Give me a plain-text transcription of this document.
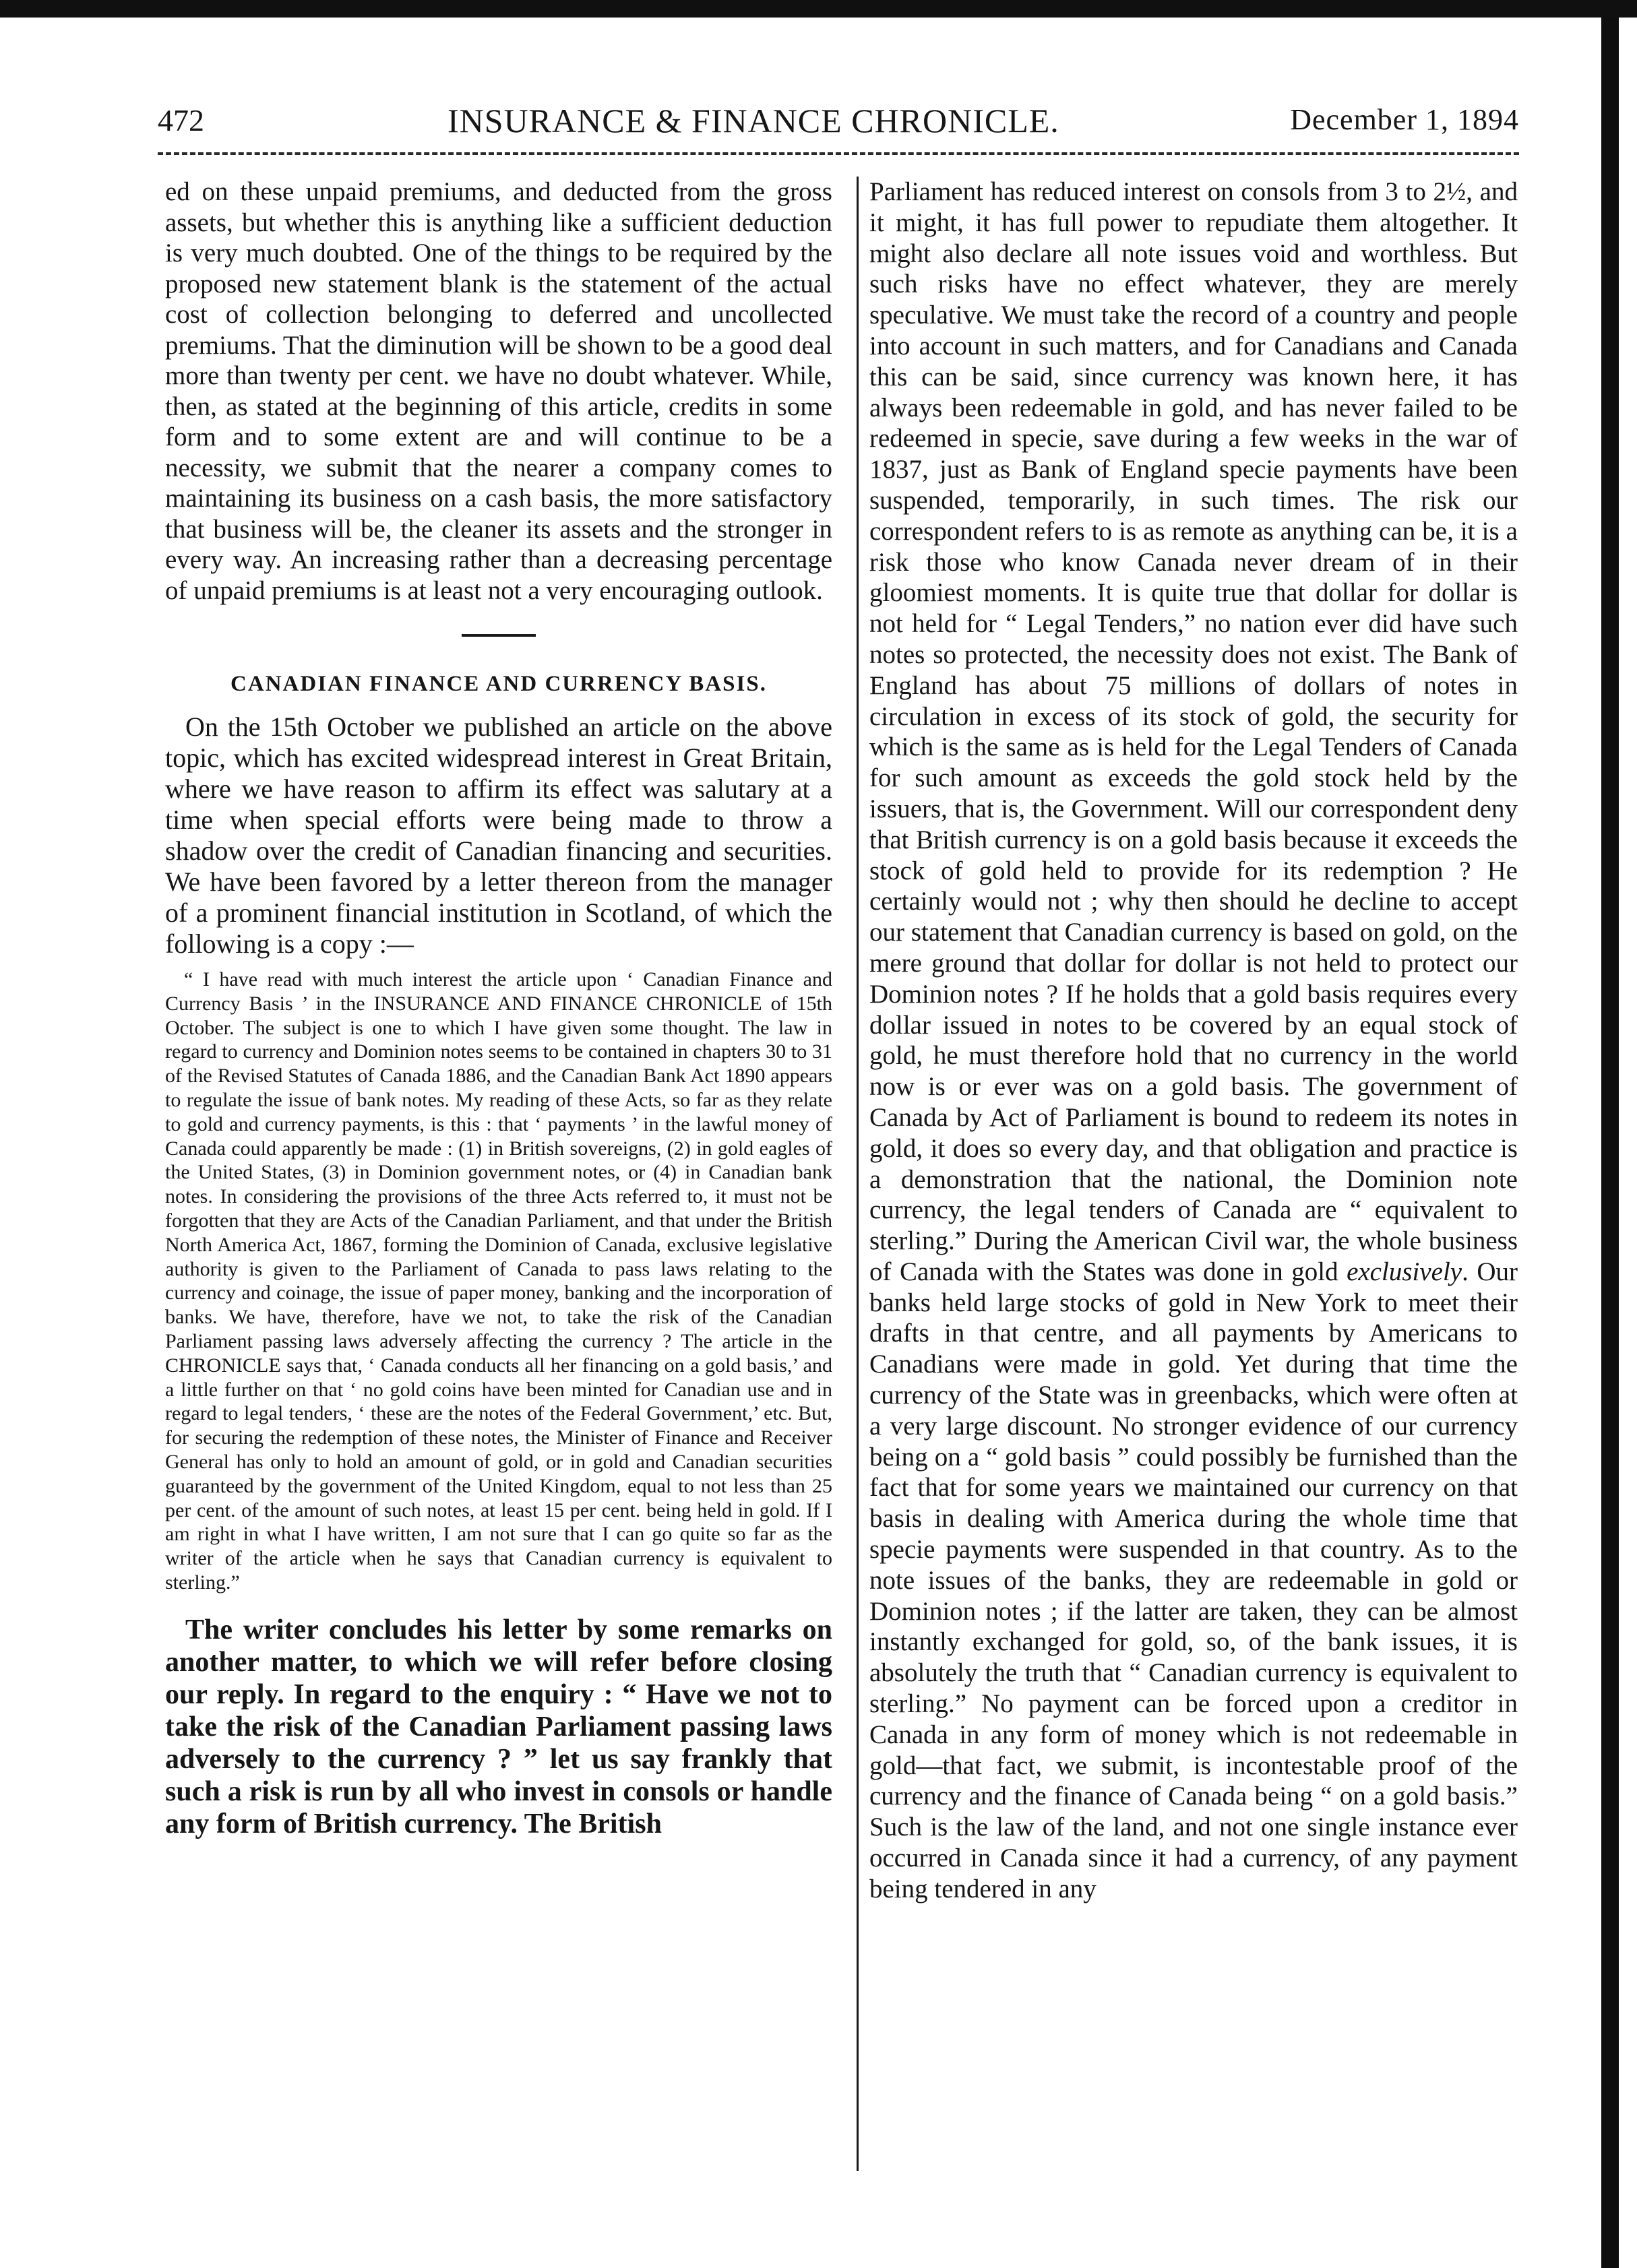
472	INSURANCE & FINANCE CHRONICLE.	December 1, 1894

ed on these unpaid premiums, and deducted from the gross assets, but whether this is anything like a sufficient deduction is very much doubted. One of the things to be required by the proposed new statement blank is the statement of the actual cost of collection belonging to deferred and uncollected premiums. That the diminution will be shown to be a good deal more than twenty per cent. we have no doubt whatever. While, then, as stated at the beginning of this article, credits in some form and to some extent are and will continue to be a necessity, we submit that the nearer a company comes to maintaining its business on a cash basis, the more satisfactory that business will be, the cleaner its assets and the stronger in every way. An increasing rather than a decreasing percentage of unpaid premiums is at least not a very encouraging outlook.

CANADIAN FINANCE AND CURRENCY BASIS.

On the 15th October we published an article on the above topic, which has excited widespread interest in Great Britain, where we have reason to affirm its effect was salutary at a time when special efforts were being made to throw a shadow over the credit of Canadian financing and securities. We have been favored by a letter thereon from the manager of a prominent financial institution in Scotland, of which the following is a copy :—

“ I have read with much interest the article upon ‘ Canadian Finance and Currency Basis ’ in the INSURANCE AND FINANCE CHRONICLE of 15th October. The subject is one to which I have given some thought. The law in regard to currency and Dominion notes seems to be contained in chapters 30 to 31 of the Revised Statutes of Canada 1886, and the Canadian Bank Act 1890 appears to regulate the issue of bank notes. My reading of these Acts, so far as they relate to gold and currency payments, is this : that ‘ payments ’ in the lawful money of Canada could apparently be made : (1) in British sovereigns, (2) in gold eagles of the United States, (3) in Dominion government notes, or (4) in Canadian bank notes. In considering the provisions of the three Acts referred to, it must not be forgotten that they are Acts of the Canadian Parliament, and that under the British North America Act, 1867, forming the Dominion of Canada, exclusive legislative authority is given to the Parliament of Canada to pass laws relating to the currency and coinage, the issue of paper money, banking and the incorporation of banks. We have, therefore, have we not, to take the risk of the Canadian Parliament passing laws adversely affecting the currency ? The article in the CHRONICLE says that, ‘ Canada conducts all her financing on a gold basis,’ and a little further on that ‘ no gold coins have been minted for Canadian use and in regard to legal tenders, ‘ these are the notes of the Federal Government,’ etc. But, for securing the redemption of these notes, the Minister of Finance and Receiver General has only to hold an amount of gold, or in gold and Canadian securities guaranteed by the government of the United Kingdom, equal to not less than 25 per cent. of the amount of such notes, at least 15 per cent. being held in gold. If I am right in what I have written, I am not sure that I can go quite so far as the writer of the article when he says that Canadian currency is equivalent to sterling.”

The writer concludes his letter by some remarks on another matter, to which we will refer before closing our reply. In regard to the enquiry : “ Have we not to take the risk of the Canadian Parliament passing laws adversely to the currency ? ” let us say frankly that such a risk is run by all who invest in consols or handle any form of British currency. The British

Parliament has reduced interest on consols from 3 to 2½, and it might, it has full power to repudiate them altogether. It might also declare all note issues void and worthless. But such risks have no effect whatever, they are merely speculative. We must take the record of a country and people into account in such matters, and for Canadians and Canada this can be said, since currency was known here, it has always been redeemable in gold, and has never failed to be redeemed in specie, save during a few weeks in the war of 1837, just as Bank of England specie payments have been suspended, temporarily, in such times. The risk our correspondent refers to is as remote as anything can be, it is a risk those who know Canada never dream of in their gloomiest moments. It is quite true that dollar for dollar is not held for “ Legal Tenders,” no nation ever did have such notes so protected, the necessity does not exist. The Bank of England has about 75 millions of dollars of notes in circulation in excess of its stock of gold, the security for which is the same as is held for the Legal Tenders of Canada for such amount as exceeds the gold stock held by the issuers, that is, the Government. Will our correspondent deny that British currency is on a gold basis because it exceeds the stock of gold held to provide for its redemption ? He certainly would not ; why then should he decline to accept our statement that Canadian currency is based on gold, on the mere ground that dollar for dollar is not held to protect our Dominion notes ? If he holds that a gold basis requires every dollar issued in notes to be covered by an equal stock of gold, he must therefore hold that no currency in the world now is or ever was on a gold basis. The government of Canada by Act of Parliament is bound to redeem its notes in gold, it does so every day, and that obligation and practice is a demonstration that the national, the Dominion note currency, the legal tenders of Canada are “ equivalent to sterling.” During the American Civil war, the whole business of Canada with the States was done in gold exclusively. Our banks held large stocks of gold in New York to meet their drafts in that centre, and all payments by Americans to Canadians were made in gold. Yet during that time the currency of the State was in greenbacks, which were often at a very large discount. No stronger evidence of our currency being on a “ gold basis ” could possibly be furnished than the fact that for some years we maintained our currency on that basis in dealing with America during the whole time that specie payments were suspended in that country. As to the note issues of the banks, they are redeemable in gold or Dominion notes ; if the latter are taken, they can be almost instantly exchanged for gold, so, of the bank issues, it is absolutely the truth that “ Canadian currency is equivalent to sterling.” No payment can be forced upon a creditor in Canada in any form of money which is not redeemable in gold—that fact, we submit, is incontestable proof of the currency and the finance of Canada being “ on a gold basis.” Such is the law of the land, and not one single instance ever occurred in Canada since it had a currency, of any payment being tendered in any
